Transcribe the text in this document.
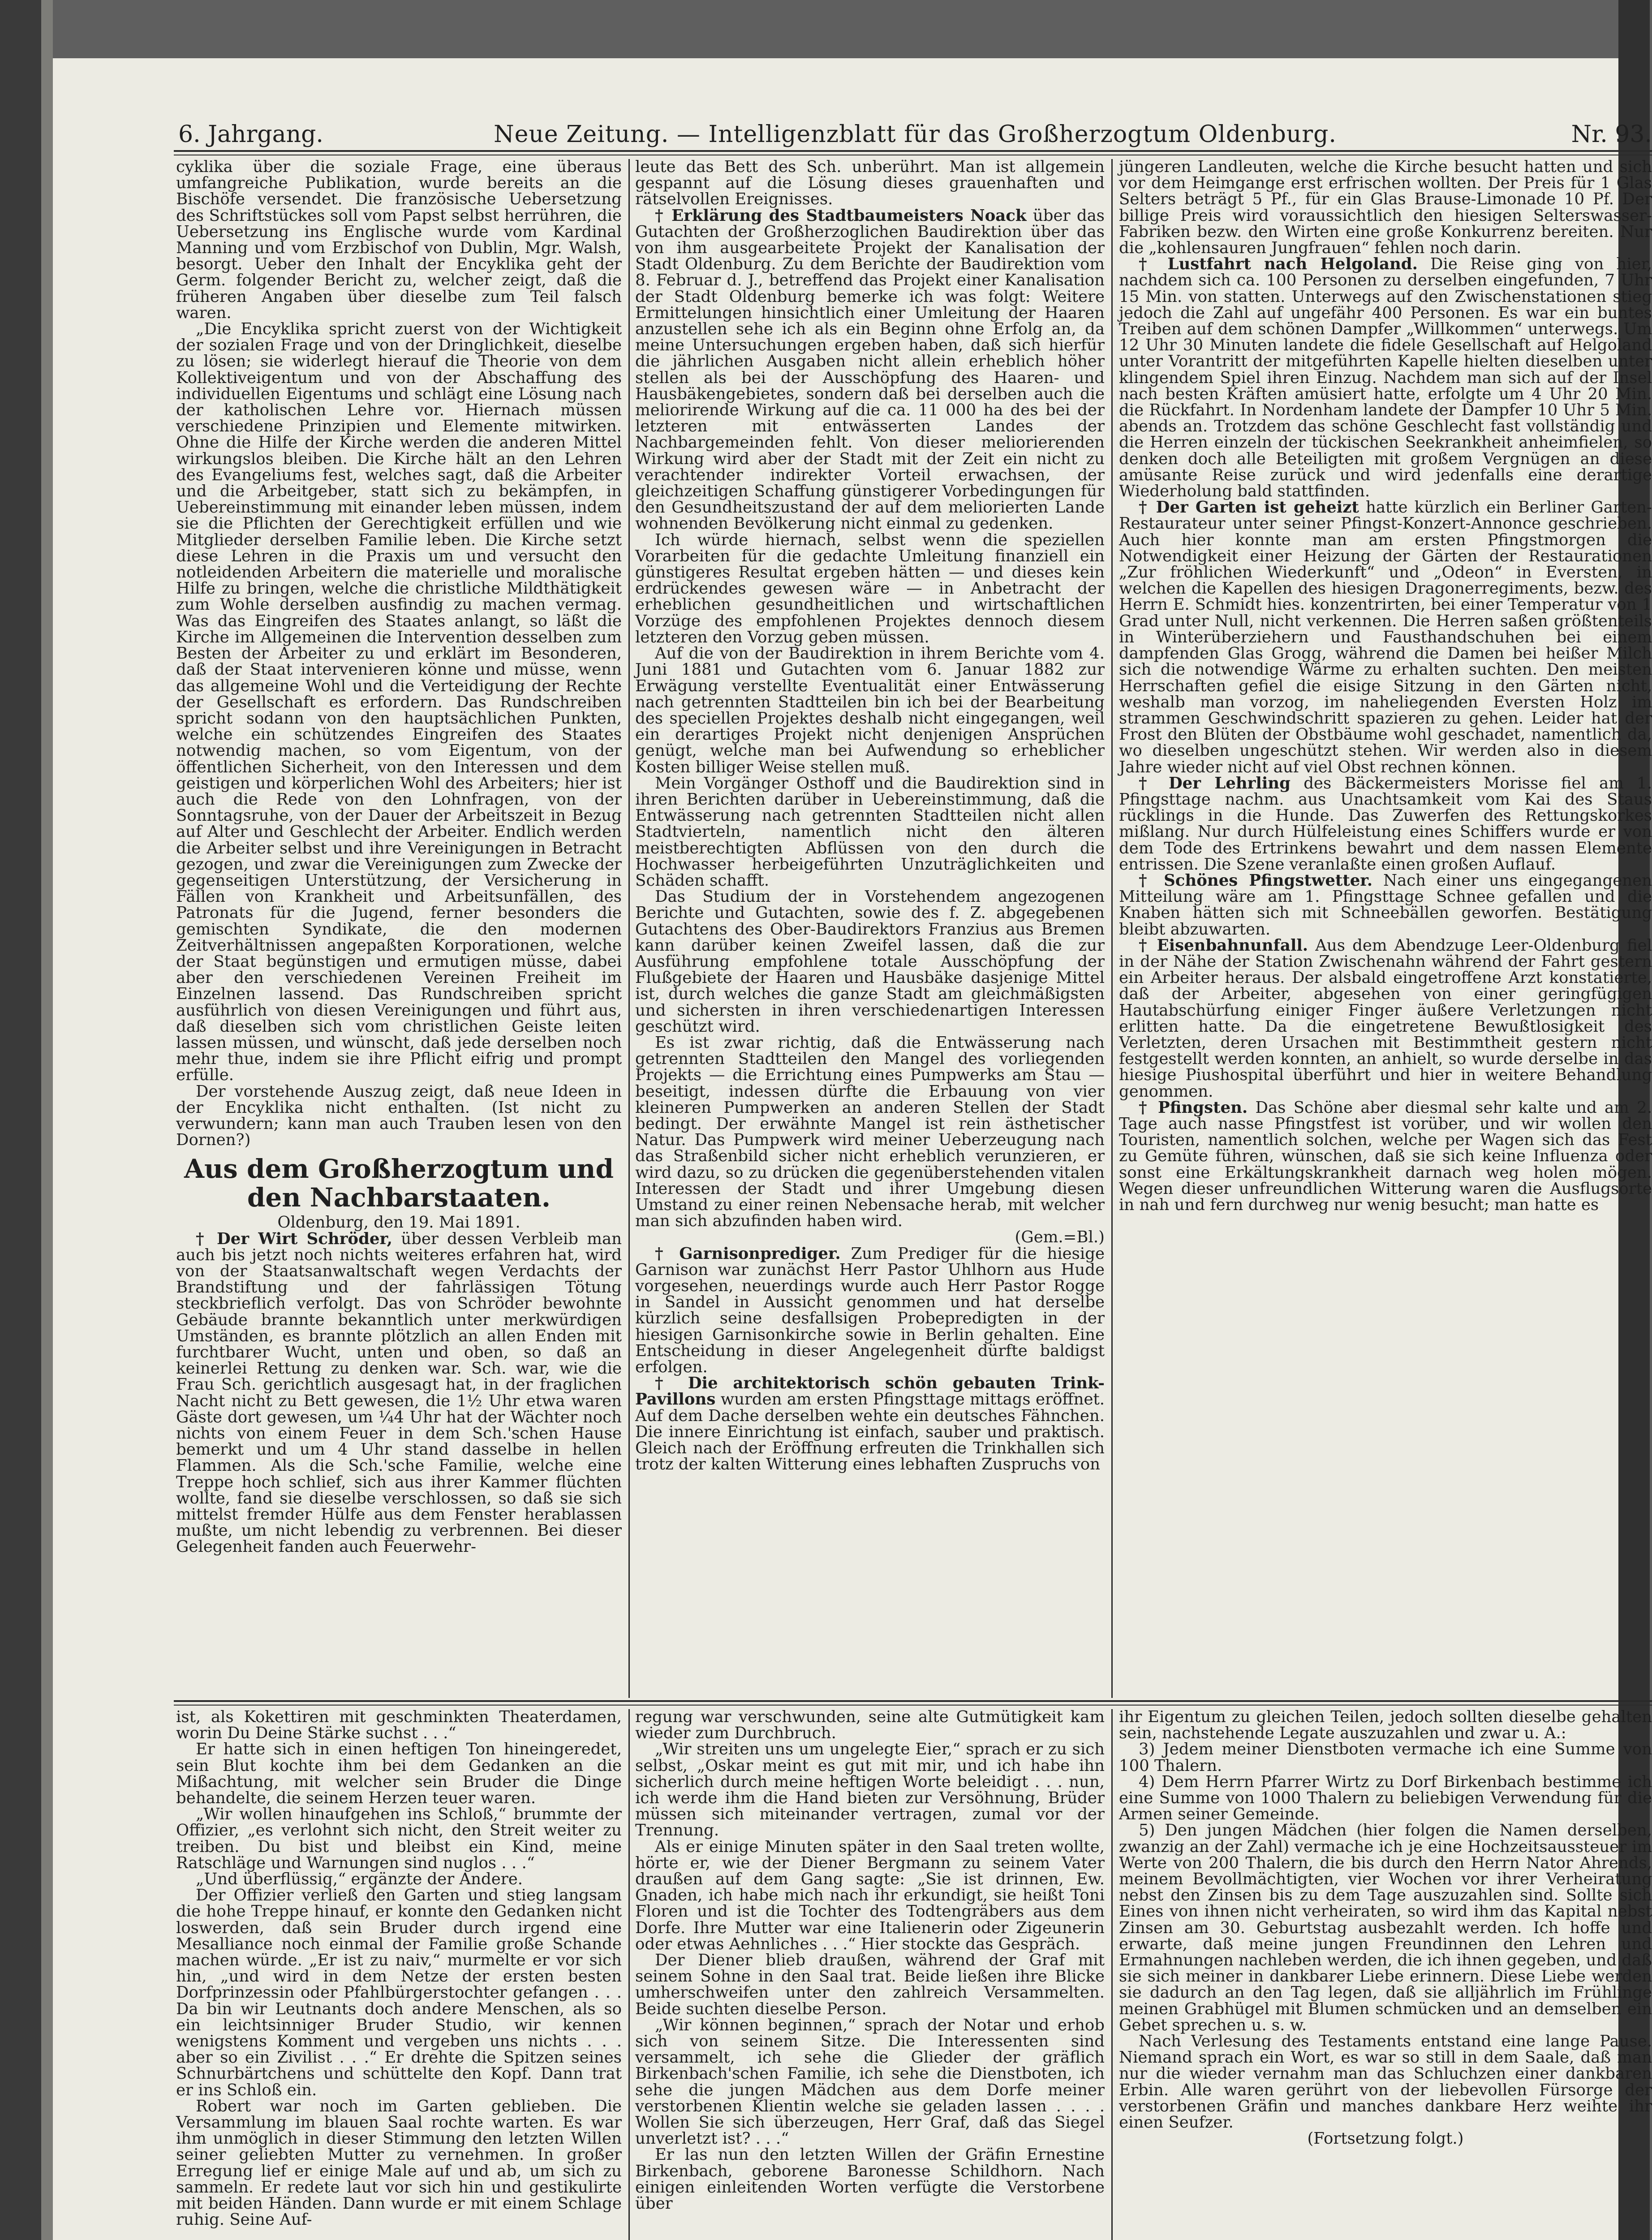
6. Jahrgang.	Neue Zeitung. — Intelligenzblatt für das Großherzogtum Oldenburg.	Nr. 93.

cyklika über die soziale Frage, eine überaus umfangreiche Publikation, wurde bereits an die Bischöfe versendet. Die französische Uebersetzung des Schriftstückes soll vom Papst selbst herrühren, die Uebersetzung ins Englische wurde vom Kardinal Manning und vom Erzbischof von Dublin, Mgr. Walsh, besorgt. Ueber den Inhalt der Encyklika geht der Germ. folgender Bericht zu, welcher zeigt, daß die früheren Angaben über dieselbe zum Teil falsch waren.

„Die Encyklika spricht zuerst von der Wichtigkeit der sozialen Frage und von der Dringlichkeit, dieselbe zu lösen; sie widerlegt hierauf die Theorie von dem Kollektiveigentum und von der Abschaffung des individuellen Eigentums und schlägt eine Lösung nach der katholischen Lehre vor. Hiernach müssen verschiedene Prinzipien und Elemente mitwirken. Ohne die Hilfe der Kirche werden die anderen Mittel wirkungslos bleiben. Die Kirche hält an den Lehren des Evangeliums fest, welches sagt, daß die Arbeiter und die Arbeitgeber, statt sich zu bekämpfen, in Uebereinstimmung mit einander leben müssen, indem sie die Pflichten der Gerechtigkeit erfüllen und wie Mitglieder derselben Familie leben. Die Kirche setzt diese Lehren in die Praxis um und versucht den notleidenden Arbeitern die materielle und moralische Hilfe zu bringen, welche die christliche Mildthätigkeit zum Wohle derselben ausfindig zu machen vermag. Was das Eingreifen des Staates anlangt, so läßt die Kirche im Allgemeinen die Intervention desselben zum Besten der Arbeiter zu und erklärt im Besonderen, daß der Staat intervenieren könne und müsse, wenn das allgemeine Wohl und die Verteidigung der Rechte der Gesellschaft es erfordern. Das Rundschreiben spricht sodann von den hauptsächlichen Punkten, welche ein schützendes Eingreifen des Staates notwendig machen, so vom Eigentum, von der öffentlichen Sicherheit, von den Interessen und dem geistigen und körperlichen Wohl des Arbeiters; hier ist auch die Rede von den Lohnfragen, von der Sonntagsruhe, von der Dauer der Arbeitszeit in Bezug auf Alter und Geschlecht der Arbeiter. Endlich werden die Arbeiter selbst und ihre Vereinigungen in Betracht gezogen, und zwar die Vereinigungen zum Zwecke der gegenseitigen Unterstützung, der Versicherung in Fällen von Krankheit und Arbeitsunfällen, des Patronats für die Jugend, ferner besonders die gemischten Syndikate, die den modernen Zeitverhältnissen angepaßten Korporationen, welche der Staat begünstigen und ermutigen müsse, dabei aber den verschiedenen Vereinen Freiheit im Einzelnen lassend. Das Rundschreiben spricht ausführlich von diesen Vereinigungen und führt aus, daß dieselben sich vom christlichen Geiste leiten lassen müssen, und wünscht, daß jede derselben noch mehr thue, indem sie ihre Pflicht eifrig und prompt erfülle.

Der vorstehende Auszug zeigt, daß neue Ideen in der Encyklika nicht enthalten. (Ist nicht zu verwundern; kann man auch Trauben lesen von den Dornen?)

Aus dem Großherzogtum und den Nachbarstaaten.

Oldenburg, den 19. Mai 1891.

† Der Wirt Schröder, über dessen Verbleib man auch bis jetzt noch nichts weiteres erfahren hat, wird von der Staatsanwaltschaft wegen Verdachts der Brandstiftung und der fahrlässigen Tötung steckbrieflich verfolgt. Das von Schröder bewohnte Gebäude brannte bekanntlich unter merkwürdigen Umständen, es brannte plötzlich an allen Enden mit furchtbarer Wucht, unten und oben, so daß an keinerlei Rettung zu denken war. Sch. war, wie die Frau Sch. gerichtlich ausgesagt hat, in der fraglichen Nacht nicht zu Bett gewesen, die 1½ Uhr etwa waren Gäste dort gewesen, um ¼4 Uhr hat der Wächter noch nichts von einem Feuer in dem Sch.'schen Hause bemerkt und um 4 Uhr stand dasselbe in hellen Flammen. Als die Sch.'sche Familie, welche eine Treppe hoch schlief, sich aus ihrer Kammer flüchten wollte, fand sie dieselbe verschlossen, so daß sie sich mittelst fremder Hülfe aus dem Fenster herablassen mußte, um nicht lebendig zu verbrennen. Bei dieser Gelegenheit fanden auch Feuerwehr-

leute das Bett des Sch. unberührt. Man ist allgemein gespannt auf die Lösung dieses grauenhaften und rätselvollen Ereignisses.

† Erklärung des Stadtbaumeisters Noack über das Gutachten der Großherzoglichen Baudirektion über das von ihm ausgearbeitete Projekt der Kanalisation der Stadt Oldenburg. Zu dem Berichte der Baudirektion vom 8. Februar d. J., betreffend das Projekt einer Kanalisation der Stadt Oldenburg bemerke ich was folgt: Weitere Ermittelungen hinsichtlich einer Umleitung der Haaren anzustellen sehe ich als ein Beginn ohne Erfolg an, da meine Untersuchungen ergeben haben, daß sich hierfür die jährlichen Ausgaben nicht allein erheblich höher stellen als bei der Ausschöpfung des Haaren- und Hausbäkengebietes, sondern daß bei derselben auch die meliorirende Wirkung auf die ca. 11 000 ha des bei der letzteren mit entwässerten Landes der Nachbargemeinden fehlt. Von dieser meliorierenden Wirkung wird aber der Stadt mit der Zeit ein nicht zu verachtender indirekter Vorteil erwachsen, der gleichzeitigen Schaffung günstigerer Vorbedingungen für den Gesundheitszustand der auf dem meliorierten Lande wohnenden Bevölkerung nicht einmal zu gedenken.

Ich würde hiernach, selbst wenn die speziellen Vorarbeiten für die gedachte Umleitung finanziell ein günstigeres Resultat ergeben hätten — und dieses kein erdrückendes gewesen wäre — in Anbetracht der erheblichen gesundheitlichen und wirtschaftlichen Vorzüge des empfohlenen Projektes dennoch diesem letzteren den Vorzug geben müssen.

Auf die von der Baudirektion in ihrem Berichte vom 4. Juni 1881 und Gutachten vom 6. Januar 1882 zur Erwägung verstellte Eventualität einer Entwässerung nach getrennten Stadtteilen bin ich bei der Bearbeitung des speciellen Projektes deshalb nicht eingegangen, weil ein derartiges Projekt nicht denjenigen Ansprüchen genügt, welche man bei Aufwendung so erheblicher Kosten billiger Weise stellen muß.

Mein Vorgänger Osthoff und die Baudirektion sind in ihren Berichten darüber in Uebereinstimmung, daß die Entwässerung nach getrennten Stadtteilen nicht allen Stadtvierteln, namentlich nicht den älteren meistberechtigten Abflüssen von den durch die Hochwasser herbeigeführten Unzuträglichkeiten und Schäden schafft.

Das Studium der in Vorstehendem angezogenen Berichte und Gutachten, sowie des f. Z. abgegebenen Gutachtens des Ober-Baudirektors Franzius aus Bremen kann darüber keinen Zweifel lassen, daß die zur Ausführung empfohlene totale Ausschöpfung der Flußgebiete der Haaren und Hausbäke dasjenige Mittel ist, durch welches die ganze Stadt am gleichmäßigsten und sichersten in ihren verschiedenartigen Interessen geschützt wird.

Es ist zwar richtig, daß die Entwässerung nach getrennten Stadtteilen den Mangel des vorliegenden Projekts — die Errichtung eines Pumpwerks am Stau — beseitigt, indessen dürfte die Erbauung von vier kleineren Pumpwerken an anderen Stellen der Stadt bedingt. Der erwähnte Mangel ist rein ästhetischer Natur. Das Pumpwerk wird meiner Ueberzeugung nach das Straßenbild sicher nicht erheblich verunzieren, er wird dazu, so zu drücken die gegenüberstehenden vitalen Interessen der Stadt und ihrer Umgebung diesen Umstand zu einer reinen Nebensache herab, mit welcher man sich abzufinden haben wird.

(Gem.=Bl.)

† Garnisonprediger. Zum Prediger für die hiesige Garnison war zunächst Herr Pastor Uhlhorn aus Hude vorgesehen, neuerdings wurde auch Herr Pastor Rogge in Sandel in Aussicht genommen und hat derselbe kürzlich seine desfallsigen Probepredigten in der hiesigen Garnisonkirche sowie in Berlin gehalten. Eine Entscheidung in dieser Angelegenheit dürfte baldigst erfolgen.

† Die architektorisch schön gebauten Trink-Pavillons wurden am ersten Pfingsttage mittags eröffnet. Auf dem Dache derselben wehte ein deutsches Fähnchen. Die innere Einrichtung ist einfach, sauber und praktisch. Gleich nach der Eröffnung erfreuten die Trinkhallen sich trotz der kalten Witterung eines lebhaften Zuspruchs von

jüngeren Landleuten, welche die Kirche besucht hatten und sich vor dem Heimgange erst erfrischen wollten. Der Preis für 1 Glas Selters beträgt 5 Pf., für ein Glas Brause-Limonade 10 Pf. Der billige Preis wird voraussichtlich den hiesigen Selterswasser-Fabriken bezw. den Wirten eine große Konkurrenz bereiten. Nur die „kohlensauren Jungfrauen“ fehlen noch darin.

† Lustfahrt nach Helgoland. Die Reise ging von hier, nachdem sich ca. 100 Personen zu derselben eingefunden, 7 Uhr 15 Min. von statten. Unterwegs auf den Zwischenstationen stieg jedoch die Zahl auf ungefähr 400 Personen. Es war ein buntes Treiben auf dem schönen Dampfer „Willkommen“ unterwegs. Um 12 Uhr 30 Minuten landete die fidele Gesellschaft auf Helgoland unter Vorantritt der mitgeführten Kapelle hielten dieselben unter klingendem Spiel ihren Einzug. Nachdem man sich auf der Insel nach besten Kräften amüsiert hatte, erfolgte um 4 Uhr 20 Min. die Rückfahrt. In Nordenham landete der Dampfer 10 Uhr 5 Min. abends an. Trotzdem das schöne Geschlecht fast vollständig und die Herren einzeln der tückischen Seekrankheit anheimfielen, so denken doch alle Beteiligten mit großem Vergnügen an diese amüsante Reise zurück und wird jedenfalls eine derartige Wiederholung bald stattfinden.

† Der Garten ist geheizt hatte kürzlich ein Berliner Garten-Restaurateur unter seiner Pfingst-Konzert-Annonce geschrieben. Auch hier konnte man am ersten Pfingstmorgen die Notwendigkeit einer Heizung der Gärten der Restaurationen „Zur fröhlichen Wiederkunft“ und „Odeon“ in Eversten, in welchen die Kapellen des hiesigen Dragonerregiments, bezw. des Herrn E. Schmidt hies. konzentrirten, bei einer Temperatur von 1 Grad unter Null, nicht verkennen. Die Herren saßen größtenteils in Winterüberziehern und Fausthandschuhen bei einem dampfenden Glas Grogg, während die Damen bei heißer Milch sich die notwendige Wärme zu erhalten suchten. Den meisten Herrschaften gefiel die eisige Sitzung in den Gärten nicht, weshalb man vorzog, im naheliegenden Eversten Holz im strammen Geschwindschritt spazieren zu gehen. Leider hat der Frost den Blüten der Obstbäume wohl geschadet, namentlich da, wo dieselben ungeschützt stehen. Wir werden also in diesem Jahre wieder nicht auf viel Obst rechnen können.

† Der Lehrling des Bäckermeisters Morisse fiel am 1. Pfingsttage nachm. aus Unachtsamkeit vom Kai des Staus rücklings in die Hunde. Das Zuwerfen des Rettungskorkes mißlang. Nur durch Hülfeleistung eines Schiffers wurde er von dem Tode des Ertrinkens bewahrt und dem nassen Elemente entrissen. Die Szene veranlaßte einen großen Auflauf.

† Schönes Pfingstwetter. Nach einer uns eingegangenen Mitteilung wäre am 1. Pfingsttage Schnee gefallen und die Knaben hätten sich mit Schneebällen geworfen. Bestätigung bleibt abzuwarten.

† Eisenbahnunfall. Aus dem Abendzuge Leer-Oldenburg fiel in der Nähe der Station Zwischenahn während der Fahrt gestern ein Arbeiter heraus. Der alsbald eingetroffene Arzt konstatierte, daß der Arbeiter, abgesehen von einer geringfügigen Hautabschürfung einiger Finger äußere Verletzungen nicht erlitten hatte. Da die eingetretene Bewußtlosigkeit des Verletzten, deren Ursachen mit Bestimmtheit gestern nicht festgestellt werden konnten, an anhielt, so wurde derselbe in das hiesige Piushospital überführt und hier in weitere Behandlung genommen.

† Pfingsten. Das Schöne aber diesmal sehr kalte und am 2. Tage auch nasse Pfingstfest ist vorüber, und wir wollen den Touristen, namentlich solchen, welche per Wagen sich das Fest zu Gemüte führen, wünschen, daß sie sich keine Influenza oder sonst eine Erkältungskrankheit darnach weg holen mögen. Wegen dieser unfreundlichen Witterung waren die Ausflugsorte in nah und fern durchweg nur wenig besucht; man hatte es

ist, als Kokettiren mit geschminkten Theaterdamen, worin Du Deine Stärke suchst . . .“

Er hatte sich in einen heftigen Ton hineingeredet, sein Blut kochte ihm bei dem Gedanken an die Mißachtung, mit welcher sein Bruder die Dinge behandelte, die seinem Herzen teuer waren.

„Wir wollen hinaufgehen ins Schloß,“ brummte der Offizier, „es verlohnt sich nicht, den Streit weiter zu treiben. Du bist und bleibst ein Kind, meine Ratschläge und Warnungen sind nuglos . . .“

„Und überflüssig,“ ergänzte der Andere.

Der Offizier verließ den Garten und stieg langsam die hohe Treppe hinauf, er konnte den Gedanken nicht loswerden, daß sein Bruder durch irgend eine Mesalliance noch einmal der Familie große Schande machen würde. „Er ist zu naiv,“ murmelte er vor sich hin, „und wird in dem Netze der ersten besten Dorfprinzessin oder Pfahlbürgerstochter gefangen . . . Da bin wir Leutnants doch andere Menschen, als so ein leichtsinniger Bruder Studio, wir kennen wenigstens Komment und vergeben uns nichts . . . aber so ein Zivilist . . .“ Er drehte die Spitzen seines Schnurbärtchens und schüttelte den Kopf. Dann trat er ins Schloß ein.

Robert war noch im Garten geblieben. Die Versammlung im blauen Saal rochte warten. Es war ihm unmöglich in dieser Stimmung den letzten Willen seiner geliebten Mutter zu vernehmen. In großer Erregung lief er einige Male auf und ab, um sich zu sammeln. Er redete laut vor sich hin und gestikulirte mit beiden Händen. Dann wurde er mit einem Schlage ruhig. Seine Auf-

regung war verschwunden, seine alte Gutmütigkeit kam wieder zum Durchbruch.

„Wir streiten uns um ungelegte Eier,“ sprach er zu sich selbst, „Oskar meint es gut mit mir, und ich habe ihn sicherlich durch meine heftigen Worte beleidigt . . . nun, ich werde ihm die Hand bieten zur Versöhnung, Brüder müssen sich miteinander vertragen, zumal vor der Trennung.

Als er einige Minuten später in den Saal treten wollte, hörte er, wie der Diener Bergmann zu seinem Vater draußen auf dem Gang sagte: „Sie ist drinnen, Ew. Gnaden, ich habe mich nach ihr erkundigt, sie heißt Toni Floren und ist die Tochter des Todtengräbers aus dem Dorfe. Ihre Mutter war eine Italienerin oder Zigeunerin oder etwas Aehnliches . . .“ Hier stockte das Gespräch.

Der Diener blieb draußen, während der Graf mit seinem Sohne in den Saal trat. Beide ließen ihre Blicke umherschweifen unter den zahlreich Versammelten. Beide suchten dieselbe Person.

„Wir können beginnen,“ sprach der Notar und erhob sich von seinem Sitze. Die Interessenten sind versammelt, ich sehe die Glieder der gräflich Birkenbach'schen Familie, ich sehe die Dienstboten, ich sehe die jungen Mädchen aus dem Dorfe meiner verstorbenen Klientin welche sie geladen lassen . . . . Wollen Sie sich überzeugen, Herr Graf, daß das Siegel unverletzt ist? . . .“

Er las nun den letzten Willen der Gräfin Ernestine Birkenbach, geborene Baronesse Schildhorn. Nach einigen einleitenden Worten verfügte die Verstorbene über

ihr Eigentum zu gleichen Teilen, jedoch sollten dieselbe gehalten sein, nachstehende Legate auszuzahlen und zwar u. A.:

3) Jedem meiner Dienstboten vermache ich eine Summe von 100 Thalern.

4) Dem Herrn Pfarrer Wirtz zu Dorf Birkenbach bestimme ich eine Summe von 1000 Thalern zu beliebigen Verwendung für die Armen seiner Gemeinde.

5) Den jungen Mädchen (hier folgen die Namen derselben, zwanzig an der Zahl) vermache ich je eine Hochzeitsaussteuer im Werte von 200 Thalern, die bis durch den Herrn Nator Ahrends, meinem Bevollmächtigten, vier Wochen vor ihrer Verheiratung nebst den Zinsen bis zu dem Tage auszuzahlen sind. Sollte sich Eines von ihnen nicht verheiraten, so wird ihm das Kapital nebst Zinsen am 30. Geburtstag ausbezahlt werden. Ich hoffe und erwarte, daß meine jungen Freundinnen den Lehren und Ermahnungen nachleben werden, die ich ihnen gegeben, und daß sie sich meiner in dankbarer Liebe erinnern. Diese Liebe werden sie dadurch an den Tag legen, daß sie alljährlich im Frühlinge meinen Grabhügel mit Blumen schmücken und an demselben ein Gebet sprechen u. s. w.

Nach Verlesung des Testaments entstand eine lange Pause. Niemand sprach ein Wort, es war so still in dem Saale, daß man nur die wieder vernahm man das Schluchzen einer dankbaren Erbin. Alle waren gerührt von der liebevollen Fürsorge der verstorbenen Gräfin und manches dankbare Herz weihte ihr einen Seufzer.

(Fortsetzung folgt.)
